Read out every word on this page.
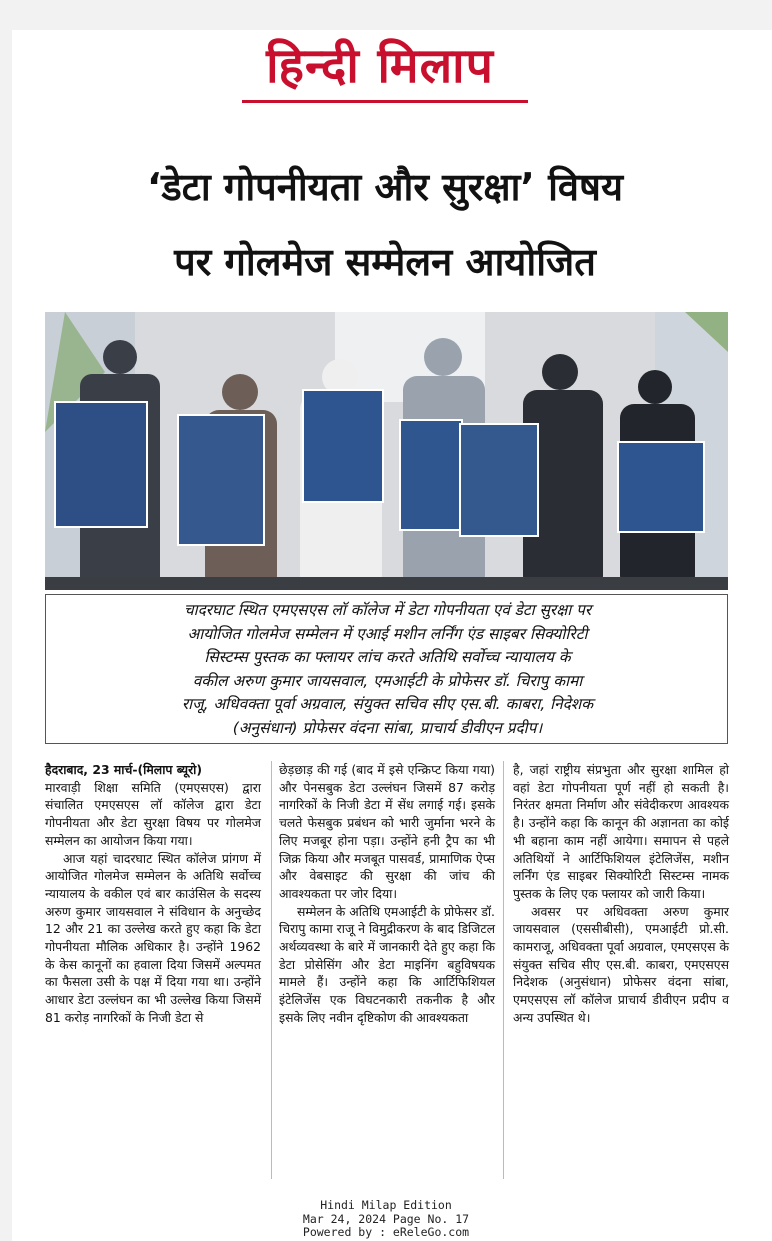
हिन्दी मिलाप
‘डेटा गोपनीयता और सुरक्षा’ विषय
पर गोलमेज सम्मेलन आयोजित
चादरघाट स्थित एमएसएस लॉ कॉलेज में डेटा गोपनीयता एवं डेटा सुरक्षा पर
आयोजित गोलमेज सम्मेलन में एआई मशीन लर्निंग एंड साइबर सिक्योरिटी
सिस्टम्स पुस्तक का फ्लायर लांच करते अतिथि सर्वोच्च न्यायालय के
वकील अरुण कुमार जायसवाल, एमआईटी के प्रोफेसर डॉ. चिरापु कामा
राजू, अधिवक्ता पूर्वा अग्रवाल, संयुक्त सचिव सीए एस.बी. काबरा, निदेशक
(अनुसंधान) प्रोफेसर वंदना सांबा, प्राचार्य डीवीएन प्रदीप।

हैदराबाद, 23 मार्च-(मिलाप ब्यूरो)

मारवाड़ी शिक्षा समिति (एमएसएस) द्वारा संचालित एमएसएस लॉ कॉलेज द्वारा डेटा गोपनीयता और डेटा सुरक्षा विषय पर गोलमेज सम्मेलन का आयोजन किया गया।

आज यहां चादरघाट स्थित कॉलेज प्रांगण में आयोजित गोलमेज सम्मेलन के अतिथि सर्वोच्च न्यायालय के वकील एवं बार काउंसिल के सदस्य अरुण कुमार जायसवाल ने संविधान के अनुच्छेद 12 और 21 का उल्लेख करते हुए कहा कि डेटा गोपनीयता मौलिक अधिकार है। उन्होंने 1962 के केस कानूनों का हवाला दिया जिसमें अल्पमत का फैसला उसी के पक्ष में दिया गया था। उन्होंने आधार डेटा उल्लंघन का भी उल्लेख किया जिसमें 81 करोड़ नागरिकों के निजी डेटा से

छेड़छाड़ की गई (बाद में इसे एन्क्रिप्ट किया गया) और पेनसबुक डेटा उल्लंघन जिसमें 87 करोड़ नागरिकों के निजी डेटा में सेंध लगाई गई। इसके चलते फेसबुक प्रबंधन को भारी जुर्माना भरने के लिए मजबूर होना पड़ा। उन्होंने हनी ट्रैप का भी जिक्र किया और मजबूत पासवर्ड, प्रामाणिक ऐप्स और वेबसाइट की सुरक्षा की जांच की आवश्यकता पर जोर दिया।

सम्मेलन के अतिथि एमआईटी के प्रोफेसर डॉ. चिरापु कामा राजू ने विमुद्रीकरण के बाद डिजिटल अर्थव्यवस्था के बारे में जानकारी देते हुए कहा कि डेटा प्रोसेसिंग और डेटा माइनिंग बहुविषयक मामले हैं। उन्होंने कहा कि आर्टिफिशियल इंटेलिजेंस एक विघटनकारी तकनीक है और इसके लिए नवीन दृष्टिकोण की आवश्यकता

है, जहां राष्ट्रीय संप्रभुता और सुरक्षा शामिल हो वहां डेटा गोपनीयता पूर्ण नहीं हो सकती है। निरंतर क्षमता निर्माण और संवेदीकरण आवश्यक है। उन्होंने कहा कि कानून की अज्ञानता का कोई भी बहाना काम नहीं आयेगा। समापन से पहले अतिथियों ने आर्टिफिशियल इंटेलिजेंस, मशीन लर्निंग एंड साइबर सिक्योरिटी सिस्टम्स नामक पुस्तक के लिए एक फ्लायर को जारी किया।

अवसर पर अधिवक्ता अरुण कुमार जायसवाल (एससीबीसी), एमआईटी प्रो.सी. कामराजू, अधिवक्ता पूर्वा अग्रवाल, एमएसएस के संयुक्त सचिव सीए एस.बी. काबरा, एमएसएस निदेशक (अनुसंधान) प्रोफेसर वंदना सांबा, एमएसएस लॉ कॉलेज प्राचार्य डीवीएन प्रदीप व अन्य उपस्थित थे।

Hindi Milap Edition
Mar 24, 2024 Page No. 17
Powered by : eReleGo.com
